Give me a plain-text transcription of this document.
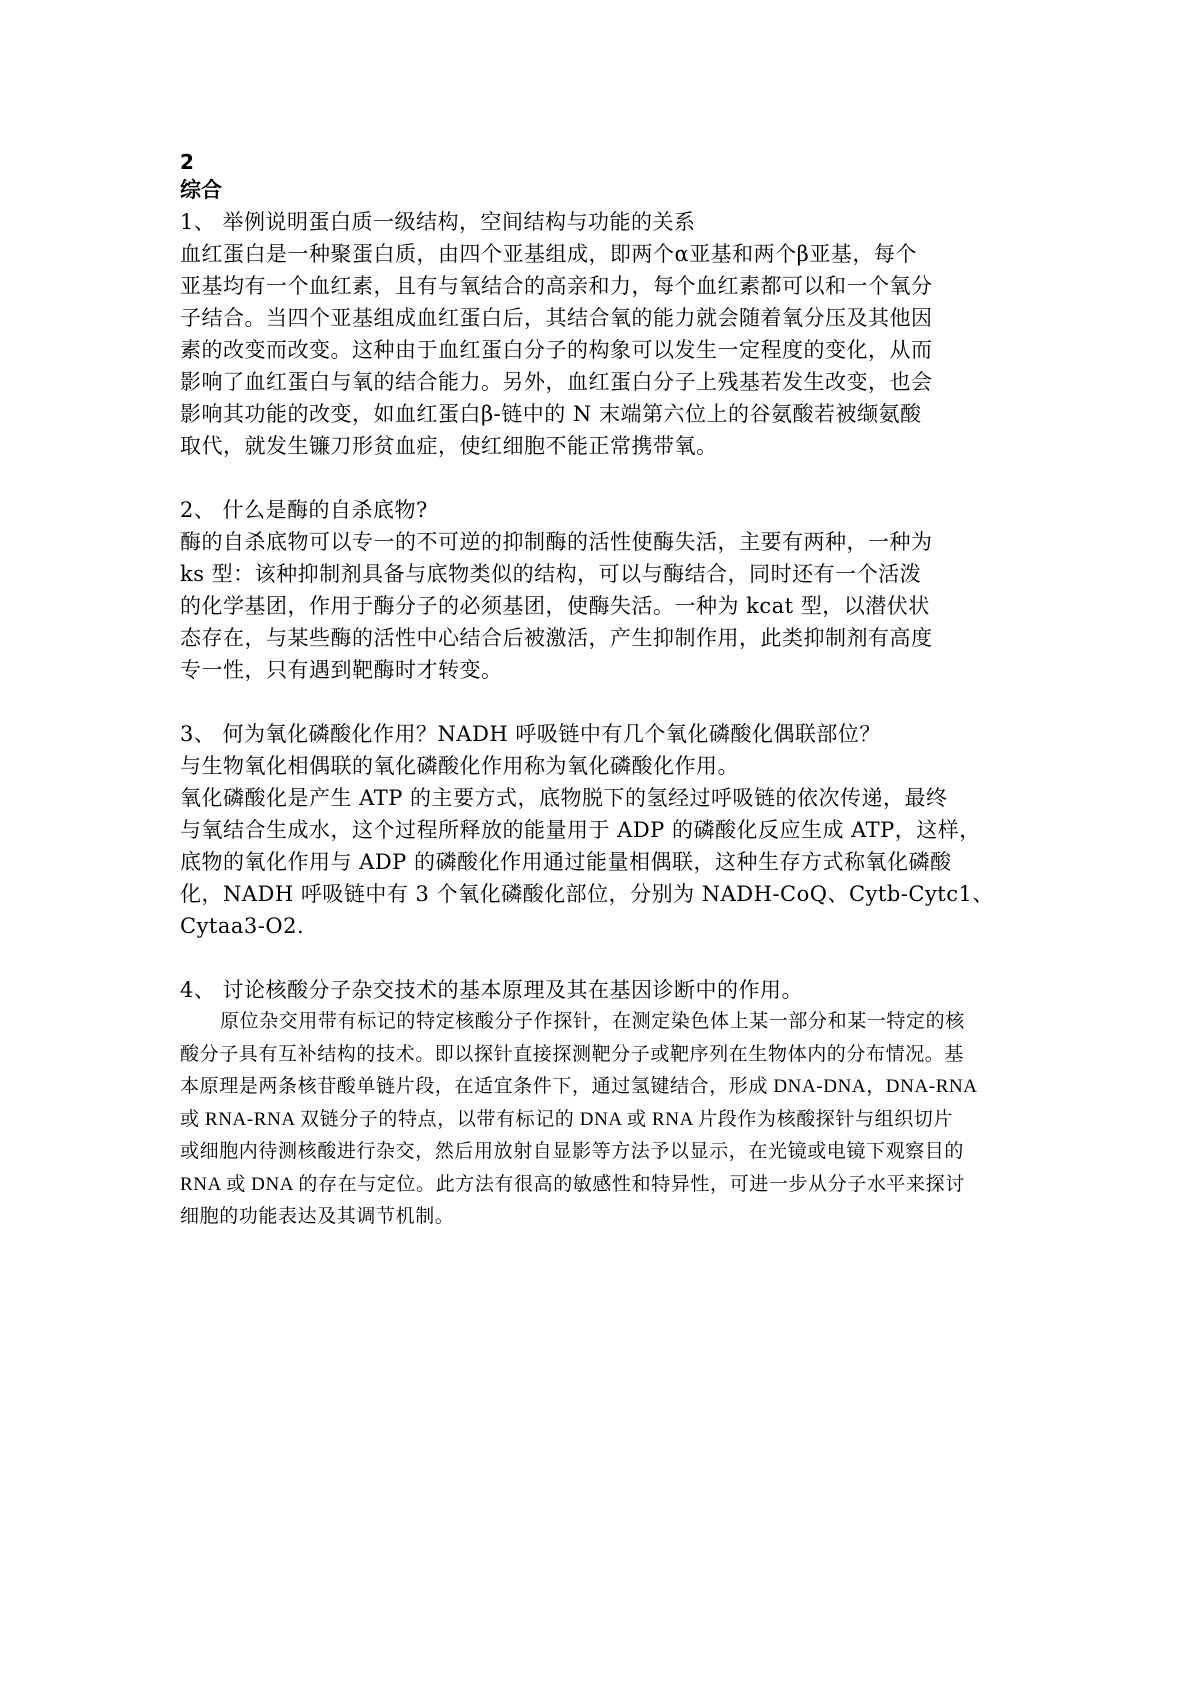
2
综合
1、 举例说明蛋白质一级结构，空间结构与功能的关系
血红蛋白是一种聚蛋白质，由四个亚基组成，即两个α亚基和两个β亚基，每个
亚基均有一个血红素，且有与氧结合的高亲和力，每个血红素都可以和一个氧分
子结合。当四个亚基组成血红蛋白后，其结合氧的能力就会随着氧分压及其他因
素的改变而改变。这种由于血红蛋白分子的构象可以发生一定程度的变化，从而
影响了血红蛋白与氧的结合能力。另外，血红蛋白分子上残基若发生改变，也会
影响其功能的改变，如血红蛋白β-链中的 N 末端第六位上的谷氨酸若被缬氨酸
取代，就发生镰刀形贫血症，使红细胞不能正常携带氧。
2、 什么是酶的自杀底物?
酶的自杀底物可以专一的不可逆的抑制酶的活性使酶失活，主要有两种，一种为
ks 型：该种抑制剂具备与底物类似的结构，可以与酶结合，同时还有一个活泼
的化学基团，作用于酶分子的必须基团，使酶失活。一种为 kcat 型，以潜伏状
态存在，与某些酶的活性中心结合后被激活，产生抑制作用，此类抑制剂有高度
专一性，只有遇到靶酶时才转变。
3、 何为氧化磷酸化作用？NADH 呼吸链中有几个氧化磷酸化偶联部位？
与生物氧化相偶联的氧化磷酸化作用称为氧化磷酸化作用。
氧化磷酸化是产生 ATP 的主要方式，底物脱下的氢经过呼吸链的依次传递，最终
与氧结合生成水，这个过程所释放的能量用于 ADP 的磷酸化反应生成 ATP，这样，
底物的氧化作用与 ADP 的磷酸化作用通过能量相偶联，这种生存方式称氧化磷酸
化，NADH 呼吸链中有 3 个氧化磷酸化部位，分别为 NADH-CoQ、Cytb-Cytc1、
Cytaa3-O2.
4、 讨论核酸分子杂交技术的基本原理及其在基因诊断中的作用。
原位杂交用带有标记的特定核酸分子作探针，在测定染色体上某一部分和某一特定的核
酸分子具有互补结构的技术。即以探针直接探测靶分子或靶序列在生物体内的分布情况。基
本原理是两条核苷酸单链片段，在适宜条件下，通过氢键结合，形成 DNA-DNA，DNA-RNA
或 RNA-RNA 双链分子的特点，以带有标记的 DNA 或 RNA 片段作为核酸探针与组织切片
或细胞内待测核酸进行杂交，然后用放射自显影等方法予以显示，在光镜或电镜下观察目的
RNA 或 DNA 的存在与定位。此方法有很高的敏感性和特异性，可进一步从分子水平来探讨
细胞的功能表达及其调节机制。
